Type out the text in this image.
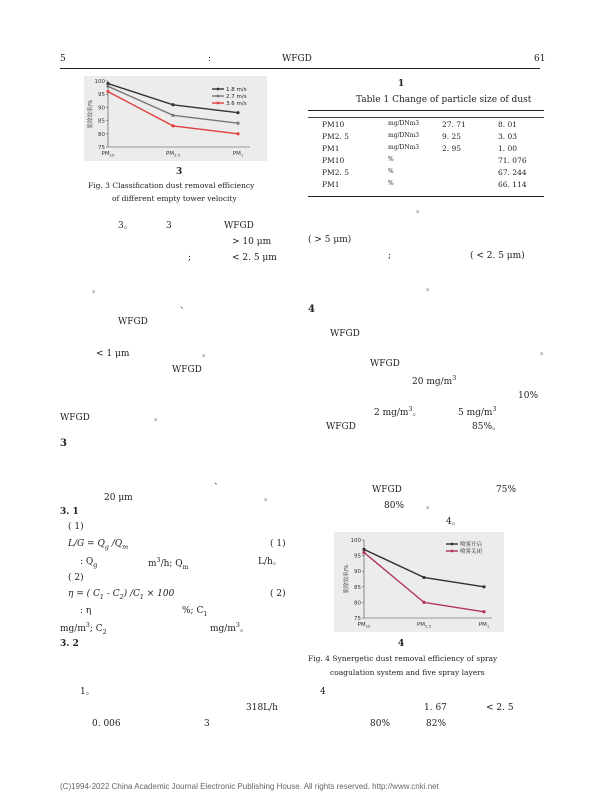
5	:	WFGD	61
75
80
85
90
95
100
脱除效率/%
$PM_{10}$	$PM_{2.5}$	$PM_1$
1.8 m/s
2.7 m/s
3.6 m/s
3
Fig. 3 Classification dust removal efficiency
of different empty tower velocity
3。	3	WFGD
> 10 μm
;	< 2. 5 μm
。
、
WFGD
< 1 μm	。
WFGD
WFGD	。
3
、
20 μm	。
3. 1
( 1)
$L/G = Q_g$ $/Q_m$	( 1)
: $Q_g$	$m^3/h$; $Q_m$
L/h。
( 2)
η = ( $C_1 - C_2$) $/C_1 \times 100$	( 2)
: η	%; $C_1$
$mg/m^3$; $C_2$	$mg/m^3$。
3. 2
1。
318L/h
0. 006	3
1
Table 1 Change of particle size of dust
PM10	mg/DNm3	27. 71	8. 01
PM2. 5	mg/DNm3	9. 25	3. 03
PM1	mg/DNm3	2. 95	1. 00
PM10	%	71. 076
PM2. 5	%	67. 244
PM1	%	66. 114
。
( > 5 μm)
;	( < 2. 5 μm)
。
4
WFGD
。
WFGD
20 $mg/m^3$
10%
2 $mg/m^3$。	5 $mg/m^3$
WFGD	85%。
WFGD	75%
80% 。
4。
75
80
85
90
95
100
脱除效率/%
$PM_{10}$	$PM_{2.5}$	$PM_1$
喷雾开启
喷雾关闭
4
Fig. 4 Synergetic dust removal efficiency of spray
coagulation system and five spray layers
4
1. 67	< 2. 5
80%	82%
(C)1994-2022 China Academic Journal Electronic Publishing House. All rights reserved. http://www.cnki.net
